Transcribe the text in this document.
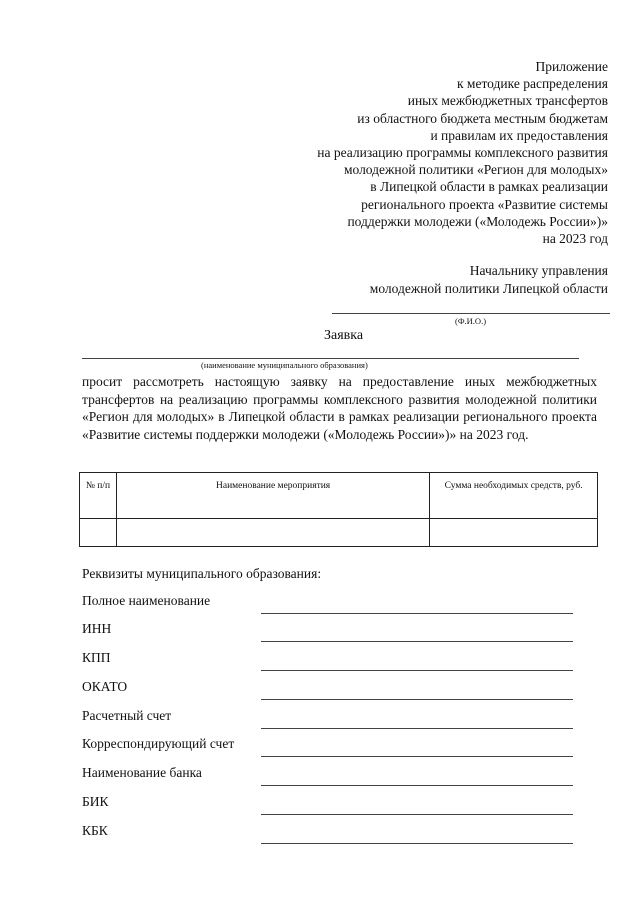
Приложение
к методике распределения
иных межбюджетных трансфертов
из областного бюджета местным бюджетам
и правилам их предоставления
на реализацию программы комплексного развития
молодежной политики «Регион для молодых»
в Липецкой области в рамках реализации
регионального проекта «Развитие системы
поддержки молодежи («Молодежь России»)»
на 2023 год
Начальнику управления
молодежной политики Липецкой области
(Ф.И.О.)
Заявка
(наименование муниципального образования)
просит рассмотреть настоящую заявку на предоставление иных межбюджетных трансфертов на реализацию программы комплексного развития молодежной политики «Регион для молодых» в Липецкой области в рамках реализации регионального проекта «Развитие системы поддержки молодежи («Молодежь России»)» на 2023 год.
№ п/п	Наименование мероприятия	Сумма необходимых средств, руб.

Реквизиты муниципального образования:
Полное наименование
ИНН
КПП
ОКАТО
Расчетный счет
Корреспондирующий счет
Наименование банка
БИК
КБК
